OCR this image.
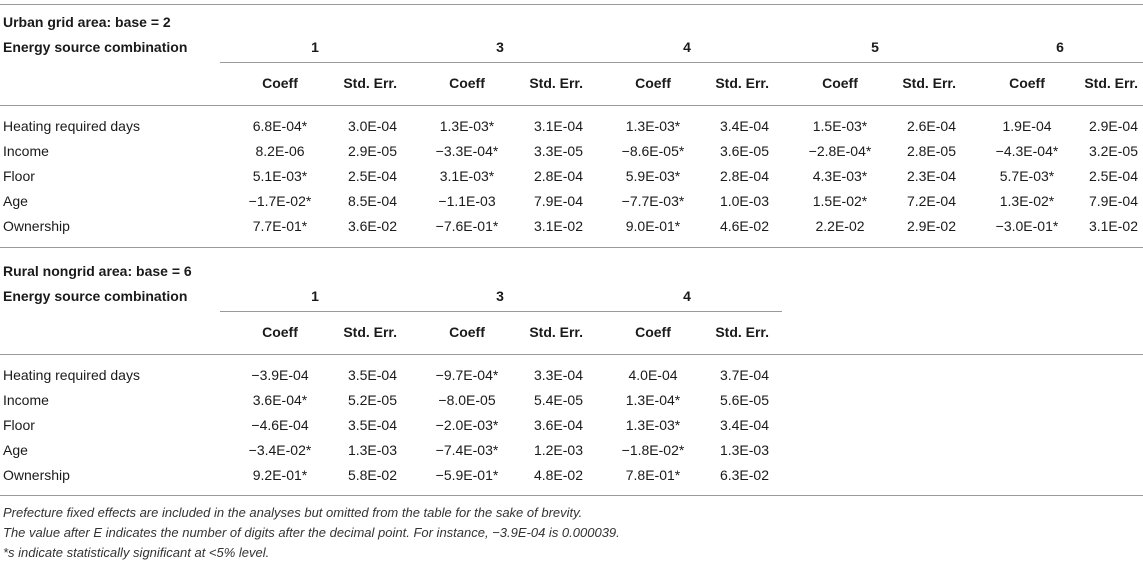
Urban grid area: base = 2
Energy source combination	1	3	4	5	6
Coeff	Std. Err.	Coeff	Std. Err.	Coeff	Std. Err.	Coeff	Std. Err.	Coeff	Std. Err.
Heating required days	6.8E-04*	3.0E-04	1.3E-03*	3.1E-04	1.3E-03*	3.4E-04	1.5E-03*	2.6E-04	1.9E-04	2.9E-04
Income	8.2E-06	2.9E-05	−3.3E-04*	3.3E-05	−8.6E-05*	3.6E-05	−2.8E-04*	2.8E-05	−4.3E-04* 3.2E-05
Floor	5.1E-03*	2.5E-04	3.1E-03*	2.8E-04	5.9E-03*	2.8E-04	4.3E-03*	2.3E-04	5.7E-03* 2.5E-04
Age	−1.7E-02*	8.5E-04	−1.1E-03	7.9E-04	−7.7E-03*	1.0E-03	1.5E-02*	7.2E-04	1.3E-02* 7.9E-04
Ownership	7.7E-01*	3.6E-02	−7.6E-01*	3.1E-02	9.0E-01*	4.6E-02	2.2E-02	2.9E-02	−3.0E-01* 3.1E-02
Rural nongrid area: base = 6
Energy source combination	1	3	4
Coeff	Std. Err.	Coeff	Std. Err.	Coeff	Std. Err.
Heating required days	−3.9E-04	3.5E-04	−9.7E-04*	3.3E-04	4.0E-04	3.7E-04
Income	3.6E-04*	5.2E-05	−8.0E-05	5.4E-05	1.3E-04*	5.6E-05
Floor	−4.6E-04	3.5E-04	−2.0E-03*	3.6E-04	1.3E-03*	3.4E-04
Age	−3.4E-02*	1.3E-03	−7.4E-03*	1.2E-03	−1.8E-02*	1.3E-03
Ownership	9.2E-01*	5.8E-02	−5.9E-01*	4.8E-02	7.8E-01*	6.3E-02
Prefecture fixed effects are included in the analyses but omitted from the table for the sake of brevity.
The value after E indicates the number of digits after the decimal point. For instance, −3.9E-04 is 0.000039.
*s indicate statistically significant at <5% level.
